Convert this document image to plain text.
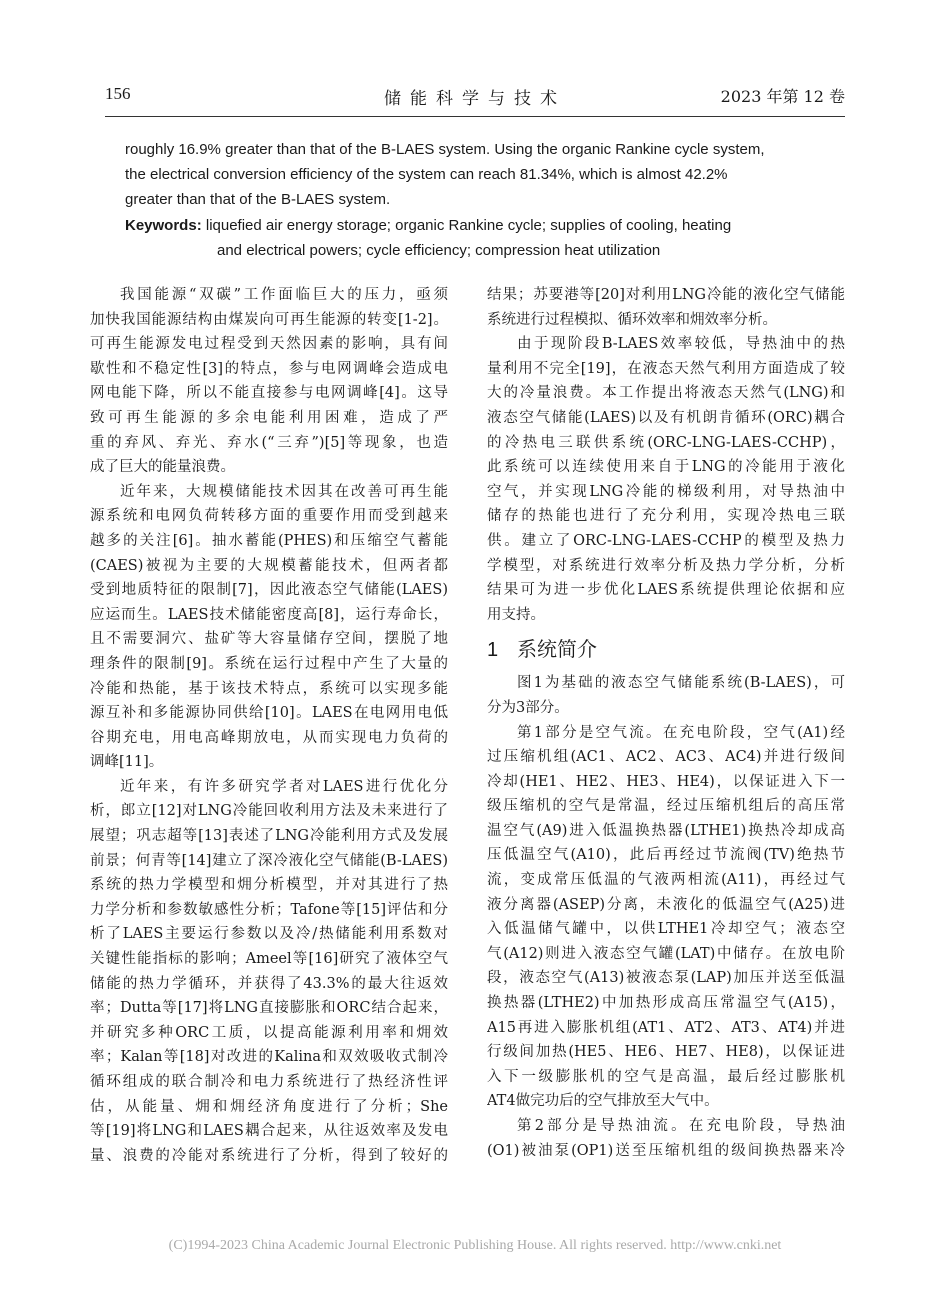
156	储能科学与技术	2023 年第 12 卷
roughly 16.9% greater than that of the B-LAES system. Using the organic Rankine cycle system,
the electrical conversion efficiency of the system can reach 81.34%, which is almost 42.2%
greater than that of the B-LAES system.
Keywords: liquefied air energy storage; organic Rankine cycle; supplies of cooling, heating
and electrical powers; cycle efficiency; compression heat utilization
我国能源“双碳”工作面临巨大的压力，亟须
加快我国能源结构由煤炭向可再生能源的转变[1-2]。
可再生能源发电过程受到天然因素的影响，具有间
歇性和不稳定性[3]的特点，参与电网调峰会造成电
网电能下降，所以不能直接参与电网调峰[4]。这导
致可再生能源的多余电能利用困难，造成了严
重的弃风、弃光、弃水(“三弃”)[5]等现象，也造
成了巨大的能量浪费。
近年来，大规模储能技术因其在改善可再生能
源系统和电网负荷转移方面的重要作用而受到越来
越多的关注[6]。抽水蓄能(PHES)和压缩空气蓄能
(CAES)被视为主要的大规模蓄能技术，但两者都
受到地质特征的限制[7]，因此液态空气储能(LAES)
应运而生。LAES技术储能密度高[8]，运行寿命长，
且不需要洞穴、盐矿等大容量储存空间，摆脱了地
理条件的限制[9]。系统在运行过程中产生了大量的
冷能和热能，基于该技术特点，系统可以实现多能
源互补和多能源协同供给[10]。LAES在电网用电低
谷期充电，用电高峰期放电，从而实现电力负荷的
调峰[11]。
近年来，有许多研究学者对LAES进行优化分
析，郎立[12]对LNG冷能回收利用方法及未来进行了
展望；巩志超等[13]表述了LNG冷能利用方式及发展
前景；何青等[14]建立了深冷液化空气储能(B-LAES)
系统的热力学模型和㶲分析模型，并对其进行了热
力学分析和参数敏感性分析；Tafone等[15]评估和分
析了LAES主要运行参数以及冷/热储能利用系数对
关键性能指标的影响；Ameel等[16]研究了液体空气
储能的热力学循环，并获得了43.3%的最大往返效
率；Dutta等[17]将LNG直接膨胀和ORC结合起来，
并研究多种ORC工质，以提高能源利用率和㶲效
率；Kalan等[18]对改进的Kalina和双效吸收式制冷
循环组成的联合制冷和电力系统进行了热经济性评
估，从能量、㶲和㶲经济角度进行了分析；She
等[19]将LNG和LAES耦合起来，从往返效率及发电
量、浪费的冷能对系统进行了分析，得到了较好的
结果；苏要港等[20]对利用LNG冷能的液化空气储能
系统进行过程模拟、循环效率和㶲效率分析。
由于现阶段B-LAES效率较低，导热油中的热
量利用不完全[19]，在液态天然气利用方面造成了较
大的冷量浪费。本工作提出将液态天然气(LNG)和
液态空气储能(LAES)以及有机朗肯循环(ORC)耦合
的冷热电三联供系统(ORC-LNG-LAES-CCHP)，
此系统可以连续使用来自于LNG的冷能用于液化
空气，并实现LNG冷能的梯级利用，对导热油中
储存的热能也进行了充分利用，实现冷热电三联
供。建立了ORC-LNG-LAES-CCHP的模型及热力
学模型，对系统进行效率分析及热力学分析，分析
结果可为进一步优化LAES系统提供理论依据和应
用支持。
1 系统简介
图1为基础的液态空气储能系统(B-LAES)，可
分为3部分。
第1部分是空气流。在充电阶段，空气(A1)经
过压缩机组(AC1、AC2、AC3、AC4)并进行级间
冷却(HE1、HE2、HE3、HE4)，以保证进入下一
级压缩机的空气是常温，经过压缩机组后的高压常
温空气(A9)进入低温换热器(LTHE1)换热冷却成高
压低温空气(A10)，此后再经过节流阀(TV)绝热节
流，变成常压低温的气液两相流(A11)，再经过气
液分离器(ASEP)分离，未液化的低温空气(A25)进
入低温储气罐中，以供LTHE1冷却空气；液态空
气(A12)则进入液态空气罐(LAT)中储存。在放电阶
段，液态空气(A13)被液态泵(LAP)加压并送至低温
换热器(LTHE2)中加热形成高压常温空气(A15)，
A15再进入膨胀机组(AT1、AT2、AT3、AT4)并进
行级间加热(HE5、HE6、HE7、HE8)，以保证进
入下一级膨胀机的空气是高温，最后经过膨胀机
AT4做完功后的空气排放至大气中。
第2部分是导热油流。在充电阶段，导热油
(O1)被油泵(OP1)送至压缩机组的级间换热器来冷
(C)1994-2023 China Academic Journal Electronic Publishing House. All rights reserved. http://www.cnki.net
